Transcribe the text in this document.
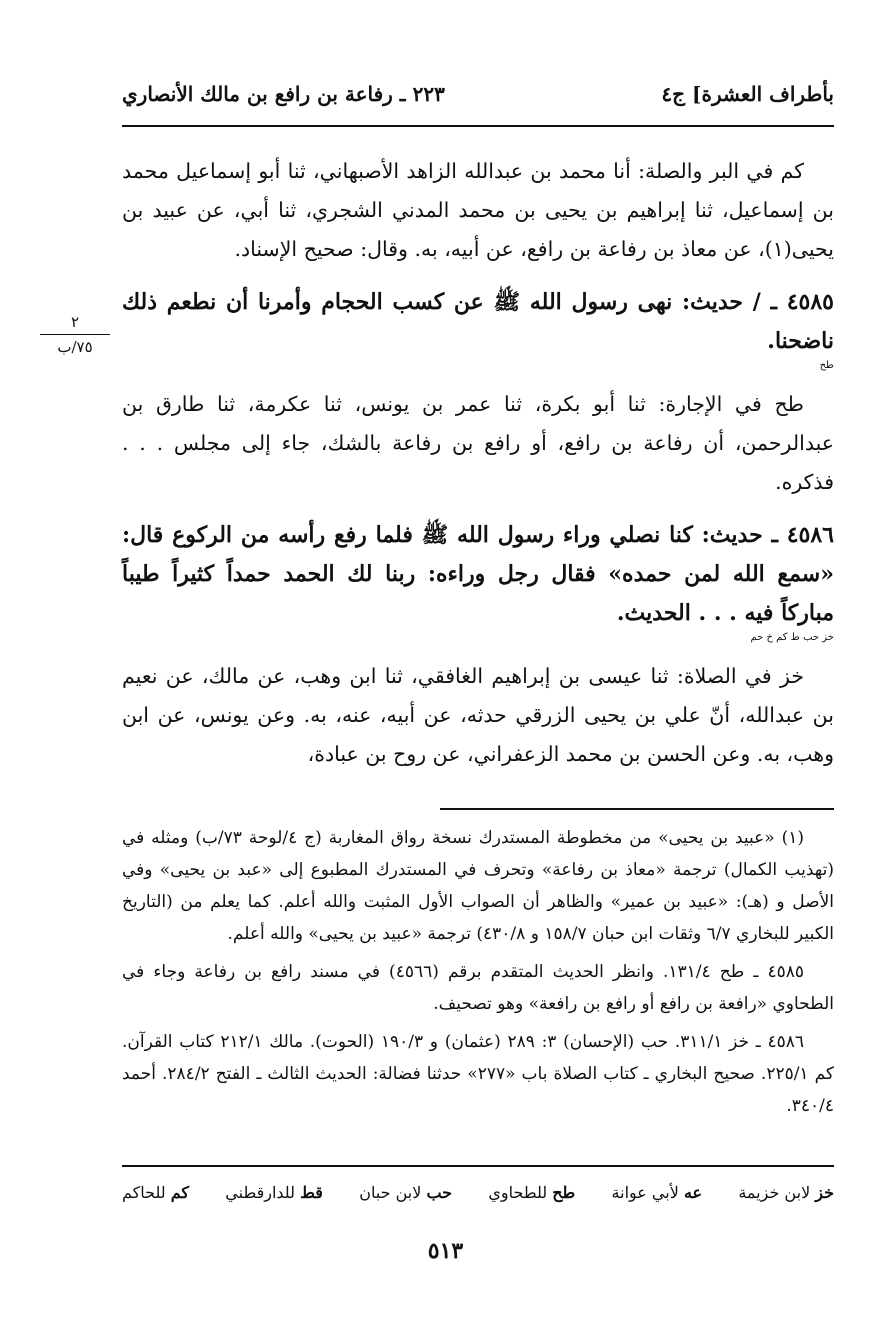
بأطراف العشرة] ج٤
٢٢٣ ـ رفاعة بن رافع بن مالك الأنصاري
٢
٧٥/ب

كم في البر والصلة: أنا محمد بن عبدالله الزاهد الأصبهاني، ثنا أبو إسماعيل محمد بن إسماعيل، ثنا إبراهيم بن يحيى بن محمد المدني الشجري، ثنا أبي، عن عبيد بن يحيى(١)، عن معاذ بن رفاعة بن رافع، عن أبيه، به. وقال: صحيح الإسناد.

٤٥٨٥ ـ / حديث: نهى رسول الله ﷺ عن كسب الحجام وأمرنا أن نطعم ذلك ناضحنا.
طح

طح في الإجارة: ثنا أبو بكرة، ثنا عمر بن يونس، ثنا عكرمة، ثنا طارق بن عبدالرحمن، أن رفاعة بن رافع، أو رافع بن رفاعة بالشك، جاء إلى مجلس . . . فذكره.

٤٥٨٦ ـ حديث: كنا نصلي وراء رسول الله ﷺ فلما رفع رأسه من الركوع قال: «سمع الله لمن حمده» فقال رجل وراءه: ربنا لك الحمد حمداً كثيراً طيباً مباركاً فيه . . . الحديث.
خز حب ط كم خ حم

خز في الصلاة: ثنا عيسى بن إبراهيم الغافقي، ثنا ابن وهب، عن مالك، عن نعيم بن عبدالله، أنّ علي بن يحيى الزرقي حدثه، عن أبيه، عنه، به. وعن يونس، عن ابن وهب، به. وعن الحسن بن محمد الزعفراني، عن روح بن عبادة،

(١) «عبيد بن يحيى» من مخطوطة المستدرك نسخة رواق المغاربة (ج ٤/لوحة ٧٣/ب) ومثله في (تهذيب الكمال) ترجمة «معاذ بن رفاعة» وتحرف في المستدرك المطبوع إلى «عبد بن يحيى» وفي الأصل و (هـ): «عبيد بن عمير» والظاهر أن الصواب الأول المثبت والله أعلم. كما يعلم من (التاريخ الكبير للبخاري ٦/٧ وثقات ابن حبان ١٥٨/٧ و ٤٣٠/٨) ترجمة «عبيد بن يحيى» والله أعلم.

٤٥٨٥ ـ طح ١٣١/٤. وانظر الحديث المتقدم برقم (٤٥٦٦) في مسند رافع بن رفاعة وجاء في الطحاوي «رافعة بن رافع أو رافع بن رافعة» وهو تصحيف.

٤٥٨٦ ـ خز ٣١١/١. حب (الإحسان) ٣: ٢٨٩ (عثمان) و ١٩٠/٣ (الحوت). مالك ٢١٢/١ كتاب القرآن. كم ٢٢٥/١. صحيح البخاري ـ كتاب الصلاة باب «٢٧٧» حدثنا فضالة: الحديث الثالث ـ الفتح ٢٨٤/٢. أحمد ٣٤٠/٤.

خز لابن خزيمة
عه لأبي عوانة
طح للطحاوي
حب لابن حبان
قط للدارقطني
كم للحاكم
٥١٣
